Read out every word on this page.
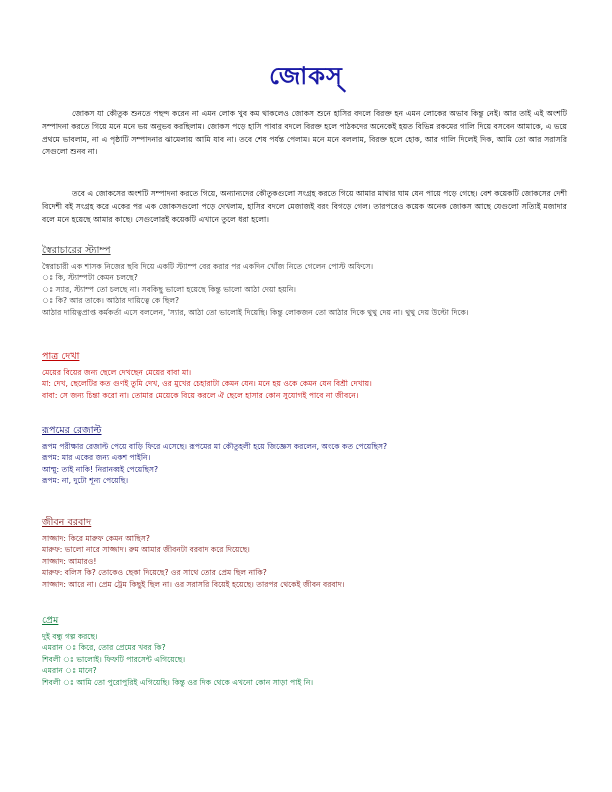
জোকস্

জোকস যা কৌতুক শুনতে পছন্দ করেন না এমন লোক খুব কম থাকলেও জোকস শুনে হাসির বদলে বিরক্ত হন এমন লোকের অভাব কিন্তু নেই। আর তাই এই অংশটি সম্পাদনা করতে গিয়ে মনে মনে ভয় অনুভব করছিলাম। জোকস পড়ে হাসি পাবার বদলে বিরক্ত হলে পাঠকদের অনেকেই হয়ত বিভিন্ন রকমের গালি দিয়ে বসবেন আমাকে, এ ভয়ে প্রথমে ভাবলাম, না এ পৃষ্ঠাটি সম্পাদনার ঝামেলায় আমি যাব না। তবে শেষ পর্যন্ত পেলাম। মনে মনে বললাম, বিরক্ত হলে হোক, আর গালি দিলেই দিক, আমি তো আর সরাসরি সেগুলো শুনব না।

তবে এ জোকসের অংশটি সম্পাদনা করতে গিয়ে, অন্যান্যদের কৌতুকগুলো সংগ্রহ করতে গিয়ে আমার মাথার ঘাম যেন পায়ে পড়ে গেছে। বেশ কয়েকটি জোকসের দেশী বিদেশী বই সংগ্রহ করে একের পর এক জোকসগুলো পড়ে দেখলাম, হাসির বদলে মেজাজই বরং বিগড়ে গেল। তারপরেও কয়েক অনেক জোকস আছে যেগুলো সত্যিই মজাদার বলে মনে হয়েছে আমার কাছে। সেগুলোরই কয়েকটি এখানে তুলে ধরা হলো।

স্বৈরাচারের স্ট্যাম্প
স্বৈরাচারী এক শাসক নিজের ছবি দিয়ে একটি স্ট্যাম্প বের করার পর একদিন খোঁজ নিতে গেলেন পোস্ট অফিসে।
ঃ কি, স্ট্যাম্পটা কেমন চলছে?
ঃ স্যার, স্ট্যাম্প তো চলছে না। সবকিছু ভালো হয়েছে কিন্তু ভালো আঠা দেয়া হয়নি।
ঃ কি? আর তাকে। আঠার দায়িত্বে কে ছিল?
আঠার দায়িত্বপ্রাপ্ত কর্মকর্তা এসে বললেন, 'স্যার, আঠা তো ভালোই দিয়েছি। কিন্তু লোকজন তো আঠার দিকে থুথু দেয় না। থুথু দেয় উল্টো দিকে।
পাত্র দেখা
মেয়ের বিয়ের জন্য ছেলে দেখছেন মেয়ের বাবা মা।
মা: দেখ, ছেলেটির কত গুণই তুমি দেখ, ওর মুখের চেহারাটা কেমন যেন। মনে হয় ওকে কেমন যেন বিশ্রী দেখায়।
বাবা: সে জন্য চিন্তা করো না। তোমার মেয়েকে বিয়ে করলে ঐ ছেলে হাসার কোন সুযোগই পাবে না জীবনে।
রূপমের রেজাল্ট
রূপম পরীক্ষার রেজাল্ট পেয়ে বাড়ি ফিরে এসেছে। রূপমের মা কৌতুহলী হয়ে জিজ্ঞেস করলেন, অংকে কত পেয়েছিস?
রূপম: মার একের জন্য একশ পাইনি।
আম্মু: তাই নাকি! নিরানব্বই পেয়েছিস?
রূপম: না, দুটো শূন্য পেয়েছি।
জীবন বরবাদ
সাজ্জাদ: কিরে মারুফ কেমন আছিস?
মারুফ: ভালো নারে সাজ্জাদ। রুম আমার জীবনটা বরবাদ করে দিয়েছে।
সাজ্জাদ: আমারও!
মারুফ: বলিস কি? তোকেও ছেকা দিয়েছে? ওর সাথে তোর প্রেম ছিল নাকি?
সাজ্জাদ: আরে না। প্রেম ট্রেম কিছুই ছিল না। ওর সরাসরি বিয়েই হয়েছে। তারপর থেকেই জীবন বরবাদ।
প্রেম
দুই বন্ধু গল্প করছে।
এমরান ঃ কিরে, তোর প্রেমের খবর কি?
শিবলী ঃ ভালোই। ফিফটি পারসেন্ট এগিয়েছে।
এমরান ঃ মানে?
শিবলী ঃ আমি তো পুরোপুরিই এগিয়েছি। কিন্তু ওর দিক থেকে এখনো কোন সাড়া পাই নি।
